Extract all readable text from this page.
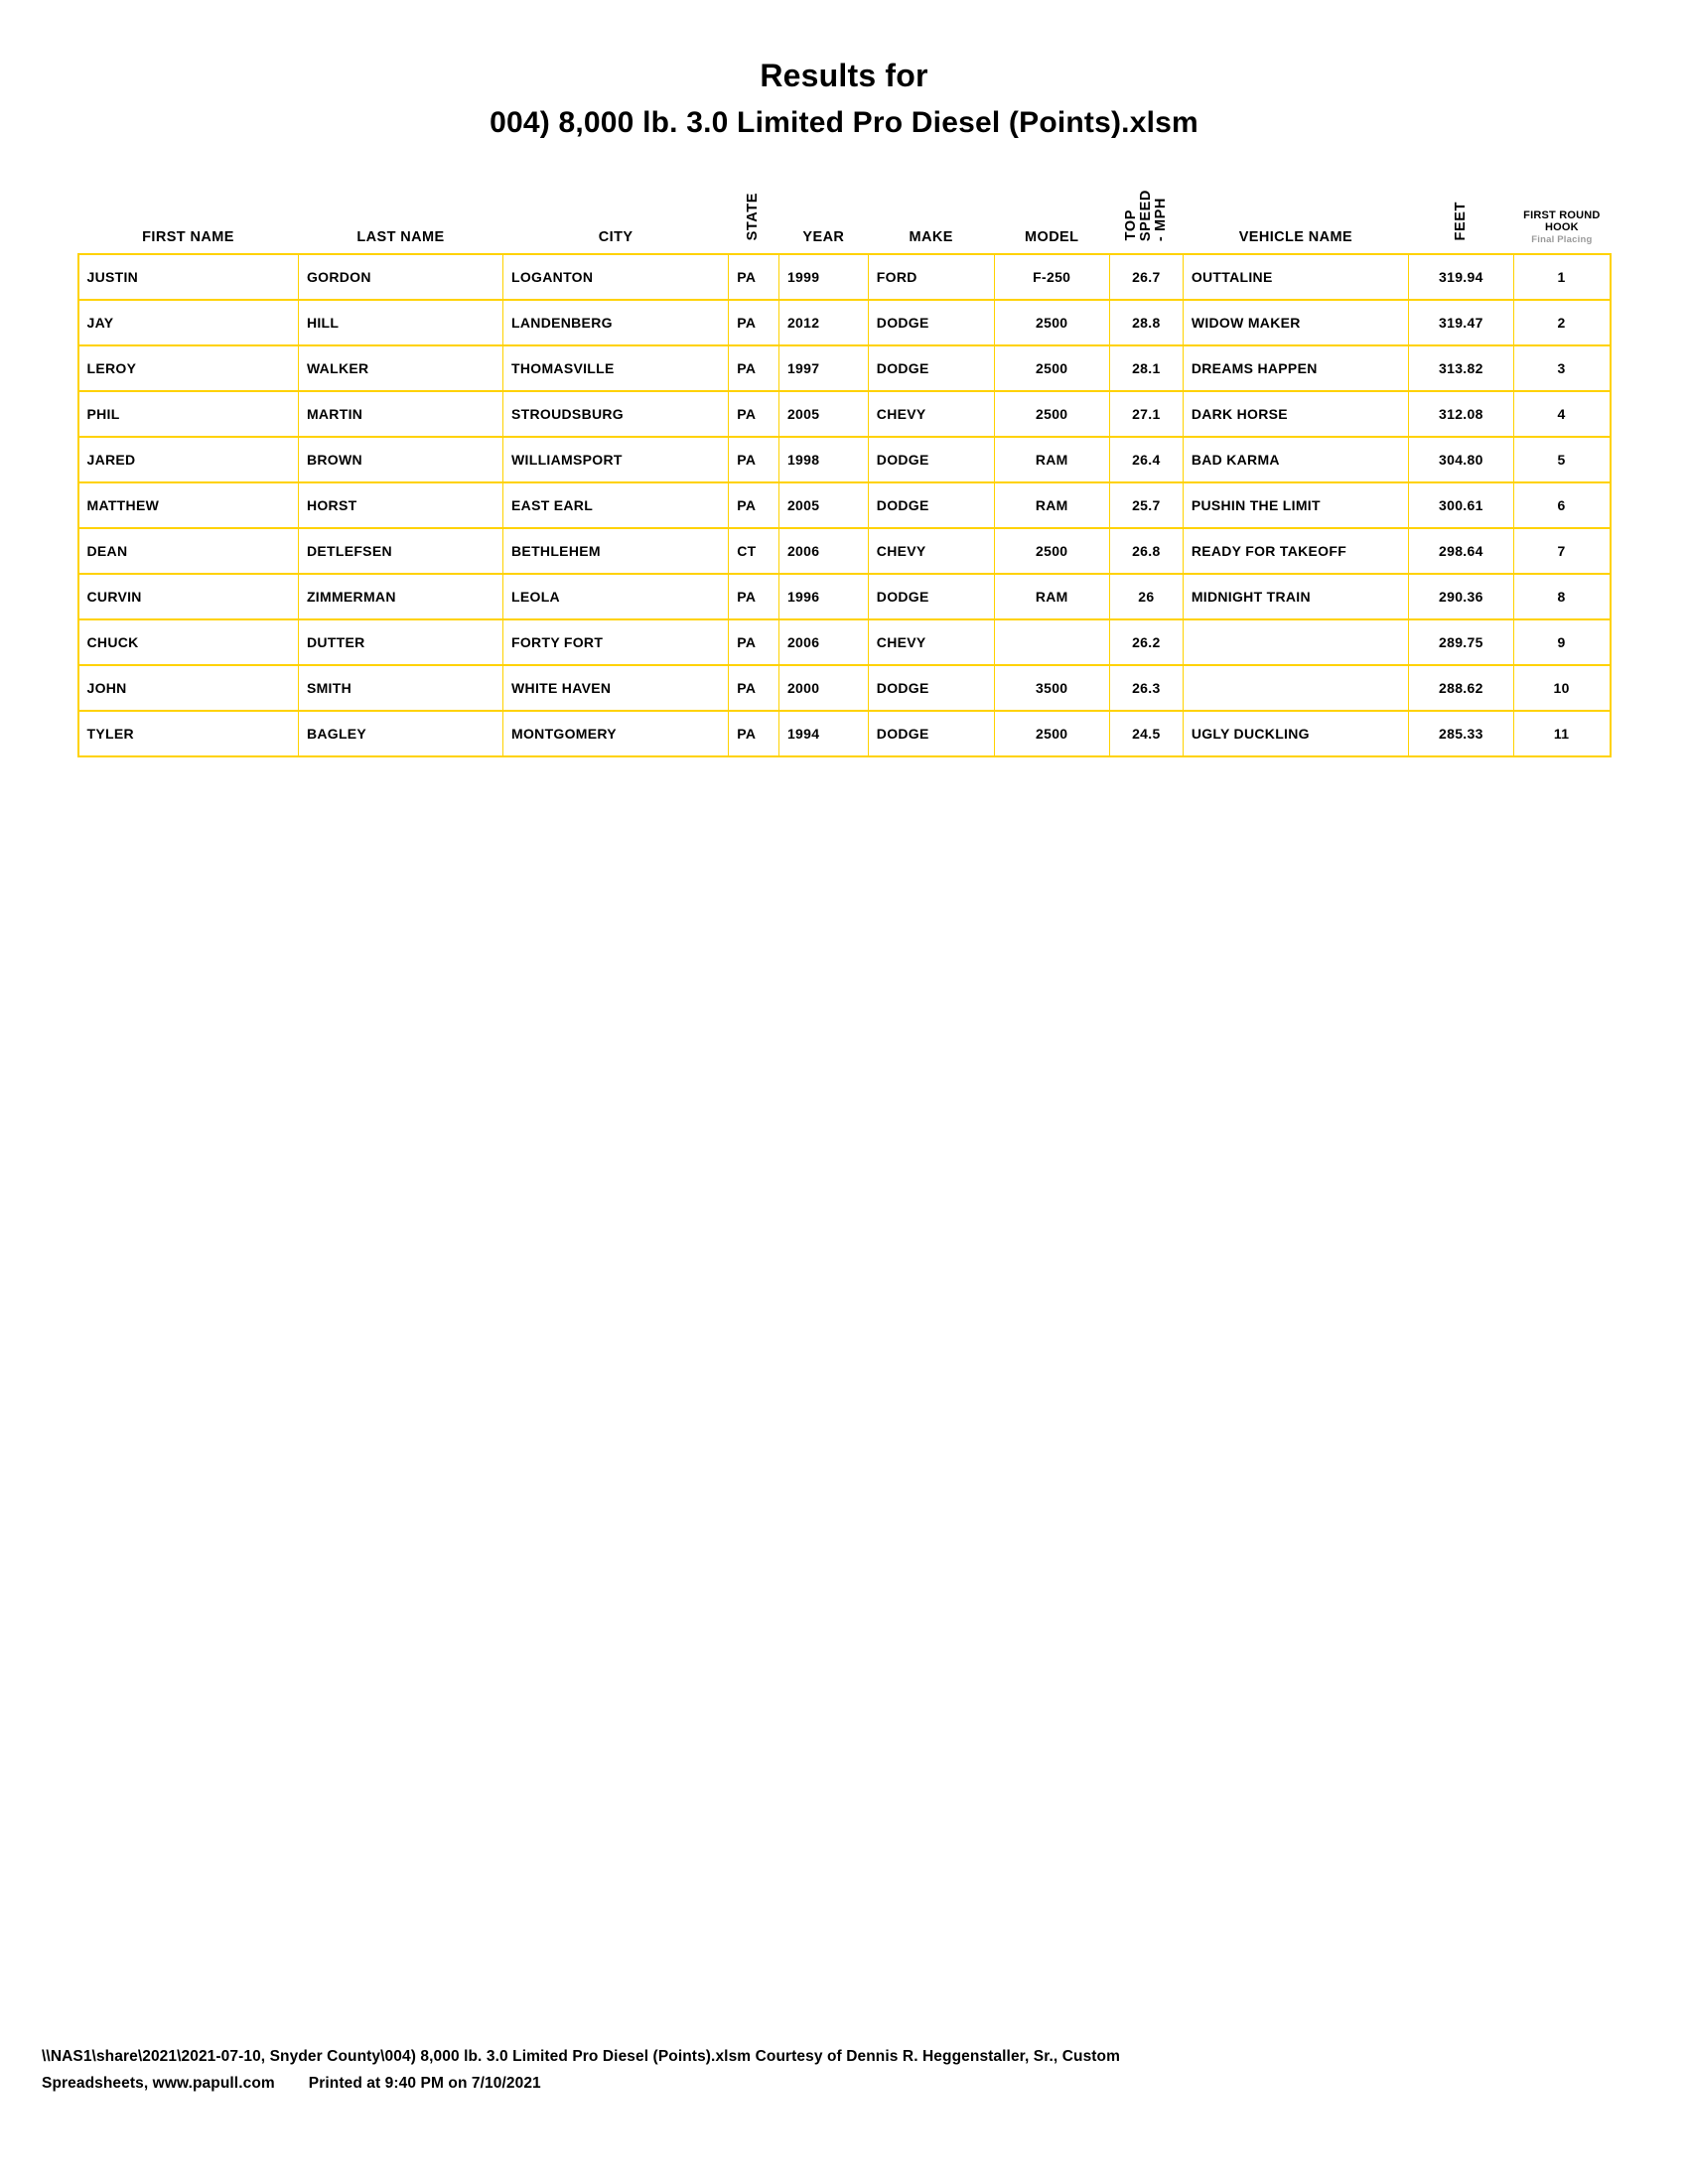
Results for
004) 8,000 lb. 3.0 Limited Pro Diesel (Points).xlsm
FIRST NAME	LAST NAME	CITY	STATE	YEAR	MAKE	MODEL	TOPSPEED- MPH	VEHICLE NAME	FEET	FIRST ROUND
HOOK
Final Placing

JUSTIN	GORDON	LOGANTON	PA	1999	FORD	F-250	26.7	OUTTALINE	319.94	1
JAY	HILL	LANDENBERG	PA	2012	DODGE	2500	28.8	WIDOW MAKER	319.47	2
LEROY	WALKER	THOMASVILLE	PA	1997	DODGE	2500	28.1	DREAMS HAPPEN	313.82	3
PHIL	MARTIN	STROUDSBURG	PA	2005	CHEVY	2500	27.1	DARK HORSE	312.08	4
JARED	BROWN	WILLIAMSPORT	PA	1998	DODGE	RAM	26.4	BAD KARMA	304.80	5
MATTHEW	HORST	EAST EARL	PA	2005	DODGE	RAM	25.7	PUSHIN THE LIMIT	300.61	6
DEAN	DETLEFSEN	BETHLEHEM	CT	2006	CHEVY	2500	26.8	READY FOR TAKEOFF	298.64	7
CURVIN	ZIMMERMAN	LEOLA	PA	1996	DODGE	RAM	26	MIDNIGHT TRAIN	290.36	8
CHUCK	DUTTER	FORTY FORT	PA	2006	CHEVY		26.2		289.75	9
JOHN	SMITH	WHITE HAVEN	PA	2000	DODGE	3500	26.3		288.62	10
TYLER	BAGLEY	MONTGOMERY	PA	1994	DODGE	2500	24.5	UGLY DUCKLING	285.33	11
\\NAS1\share\2021\2021-07-10, Snyder County\004) 8,000 lb. 3.0 Limited Pro Diesel (Points).xlsm Courtesy of Dennis R. Heggenstaller, Sr., Custom
Spreadsheets, www.papull.com Printed at 9:40 PM on 7/10/2021
